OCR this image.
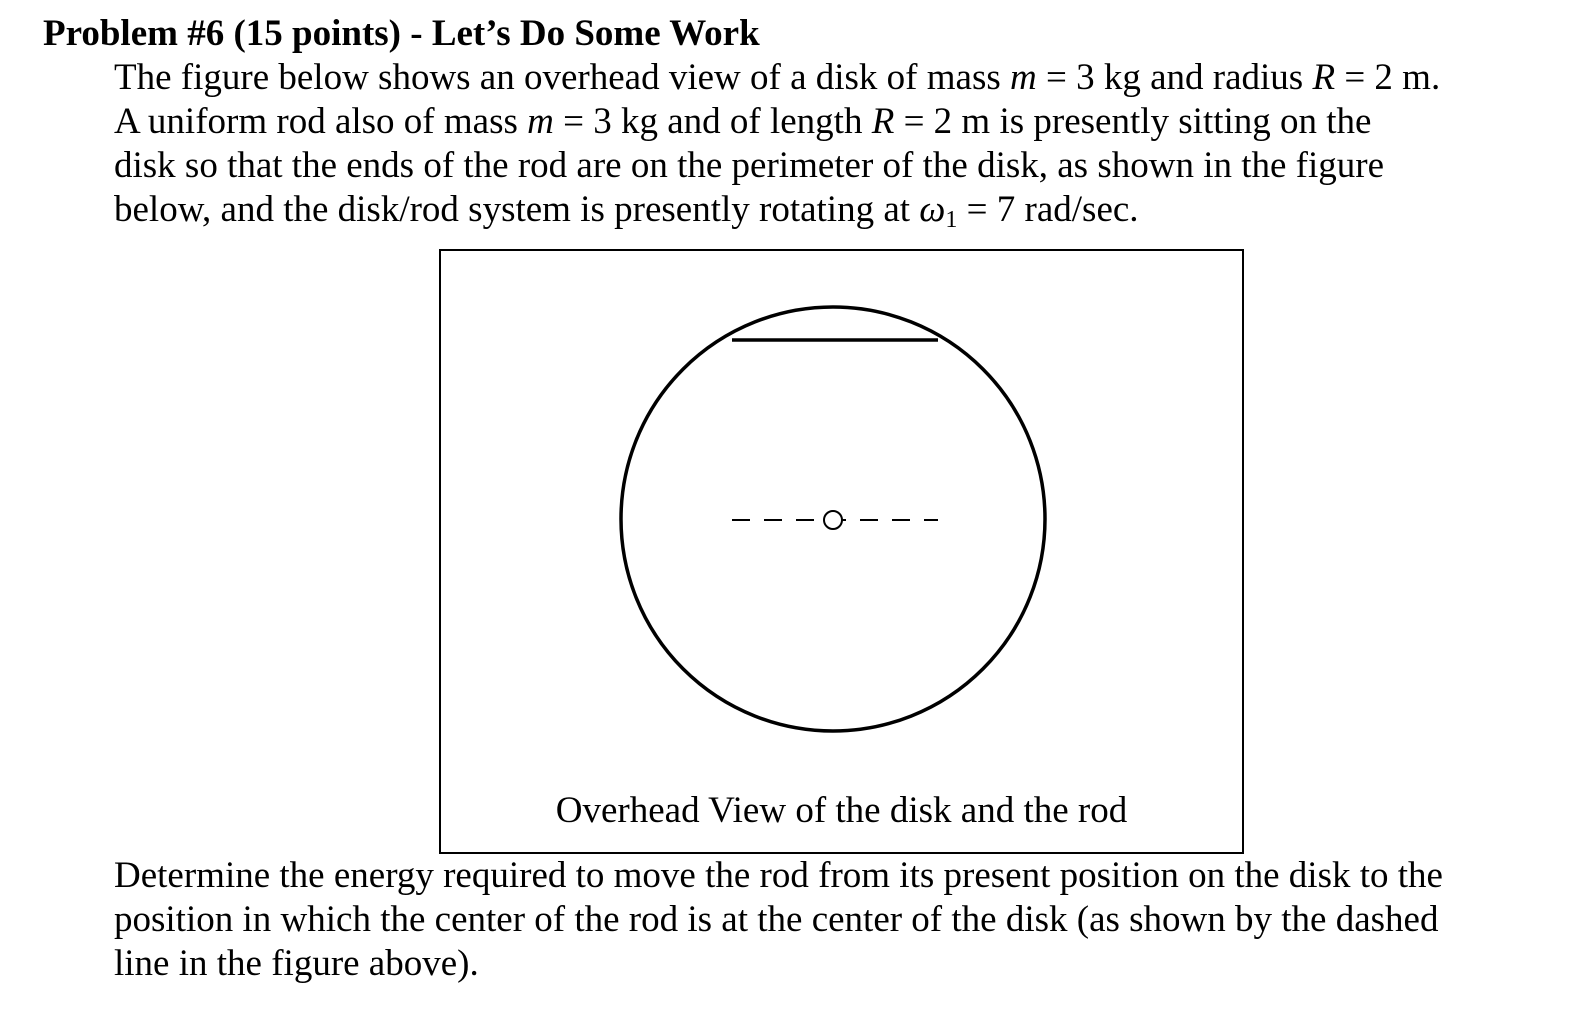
Problem #6 (15 points) - Let’s Do Some Work
The figure below shows an overhead view of a disk of mass m = 3 kg and radius R = 2 m.
A uniform rod also of mass m = 3 kg and of length R = 2 m is presently sitting on the
disk so that the ends of the rod are on the perimeter of the disk, as shown in the figure
below, and the disk/rod system is presently rotating at ω1 = 7 rad/sec.
Overhead View of the disk and the rod
Determine the energy required to move the rod from its present position on the disk to the
position in which the center of the rod is at the center of the disk (as shown by the dashed
line in the figure above).
